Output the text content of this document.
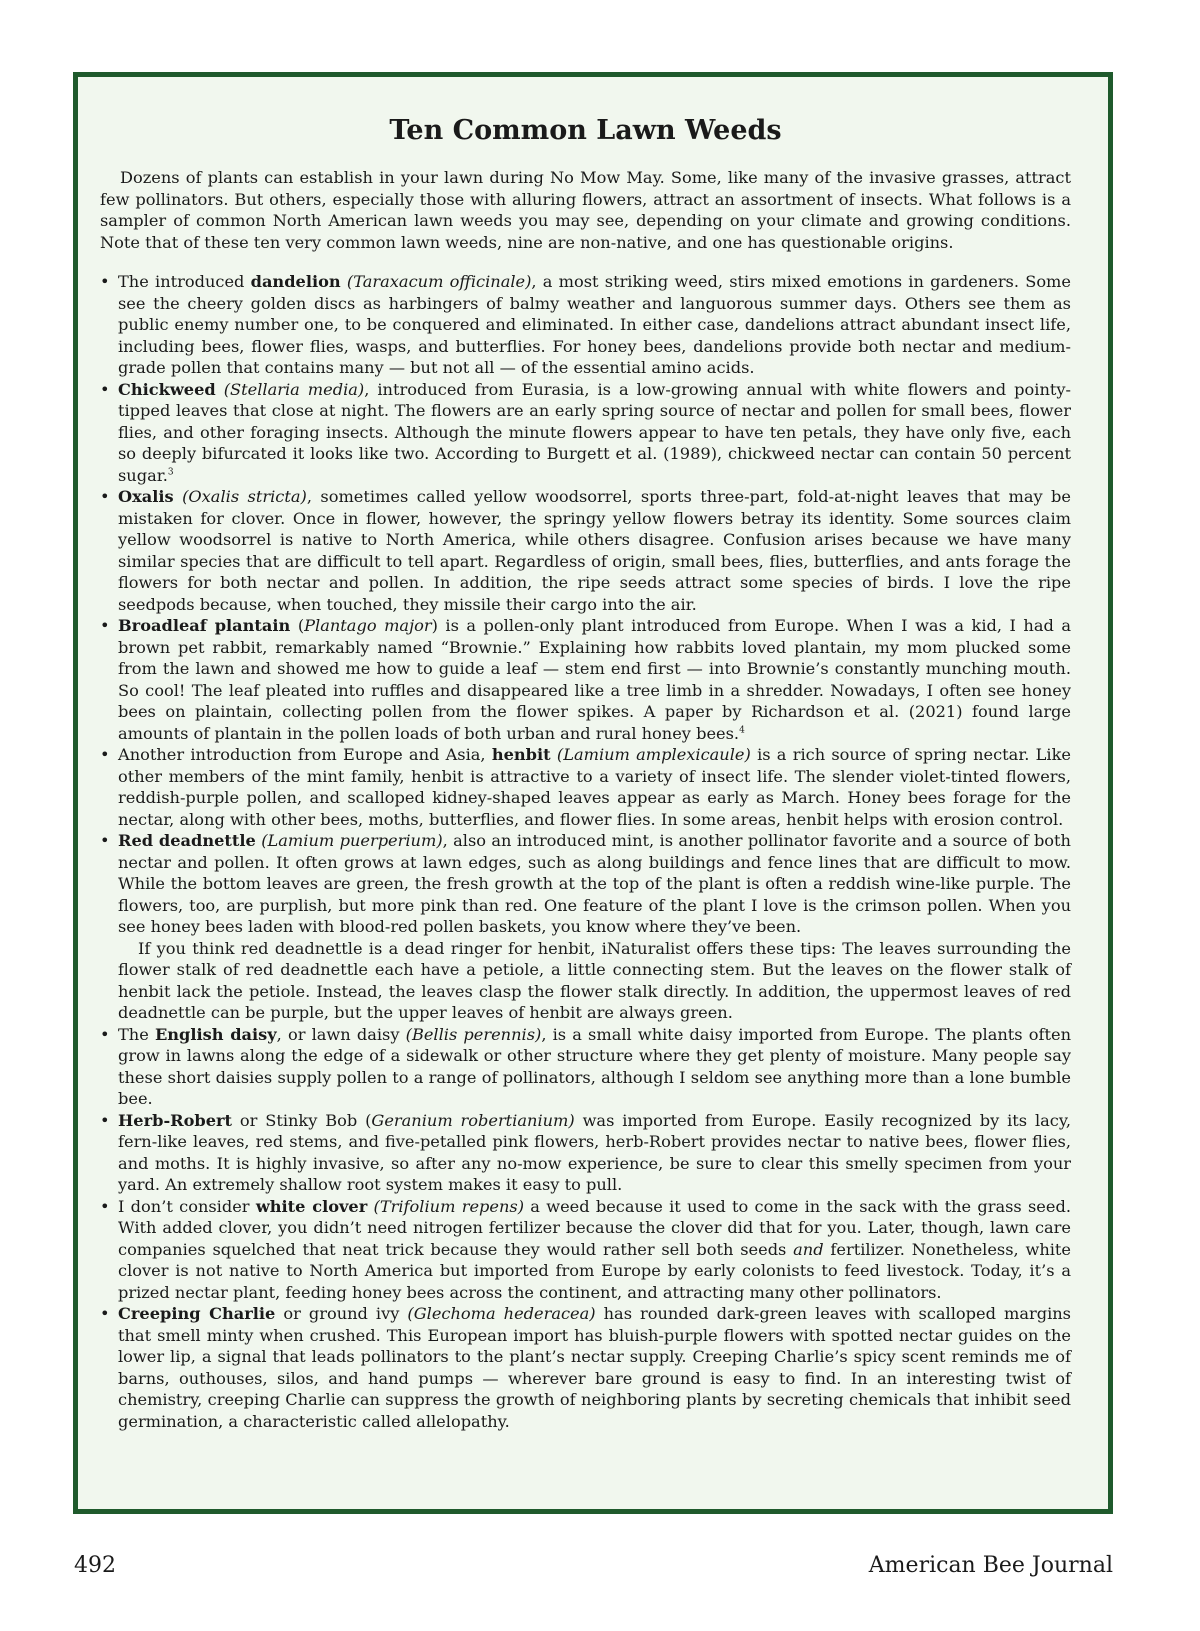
Ten Common Lawn Weeds

Dozens of plants can establish in your lawn during No Mow May. Some, like many of the invasive grasses, attract few pollinators. But others, especially those with alluring flowers, attract an assortment of insects. What follows is a sampler of common North American lawn weeds you may see, depending on your climate and growing conditions. Note that of these ten very common lawn weeds, nine are non-native, and one has questionable origins.

• The introduced dandelion (Taraxacum officinale), a most striking weed, stirs mixed emotions in gardeners. Some see the cheery golden discs as harbingers of balmy weather and languorous summer days. Others see them as public enemy number one, to be conquered and eliminated. In either case, dandelions attract abundant insect life, including bees, flower flies, wasps, and butterflies. For honey bees, dandelions provide both nectar and medium-grade pollen that contains many — but not all — of the essential amino acids.
• Chickweed (Stellaria media), introduced from Eurasia, is a low-growing annual with white flowers and pointy-tipped leaves that close at night. The flowers are an early spring source of nectar and pollen for small bees, flower flies, and other foraging insects. Although the minute flowers appear to have ten petals, they have only five, each so deeply bifurcated it looks like two. According to Burgett et al. (1989), chickweed nectar can contain 50 percent sugar.$^3$
• Oxalis (Oxalis stricta), sometimes called yellow woodsorrel, sports three-part, fold-at-night leaves that may be mistaken for clover. Once in flower, however, the springy yellow flowers betray its identity. Some sources claim yellow woodsorrel is native to North America, while others disagree. Confusion arises because we have many similar species that are difficult to tell apart. Regardless of origin, small bees, flies, butterflies, and ants forage the flowers for both nectar and pollen. In addition, the ripe seeds attract some species of birds. I love the ripe seedpods because, when touched, they missile their cargo into the air.
• Broadleaf plantain (Plantago major) is a pollen-only plant introduced from Europe. When I was a kid, I had a brown pet rabbit, remarkably named “Brownie.” Explaining how rabbits loved plantain, my mom plucked some from the lawn and showed me how to guide a leaf — stem end first — into Brownie’s constantly munching mouth. So cool! The leaf pleated into ruffles and disappeared like a tree limb in a shredder. Nowadays, I often see honey bees on plaintain, collecting pollen from the flower spikes. A paper by Richardson et al. (2021) found large amounts of plantain in the pollen loads of both urban and rural honey bees.$^4$
• Another introduction from Europe and Asia, henbit (Lamium amplexicaule) is a rich source of spring nectar. Like other members of the mint family, henbit is attractive to a variety of insect life. The slender violet-tinted flowers, reddish-purple pollen, and scalloped kidney-shaped leaves appear as early as March. Honey bees forage for the nectar, along with other bees, moths, butterflies, and flower flies. In some areas, henbit helps with erosion control.
• Red deadnettle (Lamium puerperium), also an introduced mint, is another pollinator favorite and a source of both nectar and pollen. It often grows at lawn edges, such as along buildings and fence lines that are difficult to mow. While the bottom leaves are green, the fresh growth at the top of the plant is often a reddish wine-like purple. The flowers, too, are purplish, but more pink than red. One feature of the plant I love is the crimson pollen. When you see honey bees laden with blood-red pollen baskets, you know where they’ve been.
If you think red deadnettle is a dead ringer for henbit, iNaturalist offers these tips: The leaves surrounding the flower stalk of red deadnettle each have a petiole, a little connecting stem. But the leaves on the flower stalk of henbit lack the petiole. Instead, the leaves clasp the flower stalk directly. In addition, the uppermost leaves of red deadnettle can be purple, but the upper leaves of henbit are always green.
• The English daisy, or lawn daisy (Bellis perennis), is a small white daisy imported from Europe. The plants often grow in lawns along the edge of a sidewalk or other structure where they get plenty of moisture. Many people say these short daisies supply pollen to a range of pollinators, although I seldom see anything more than a lone bumble bee.
• Herb-Robert or Stinky Bob (Geranium robertianium) was imported from Europe. Easily recognized by its lacy, fern-like leaves, red stems, and five-petalled pink flowers, herb-Robert provides nectar to native bees, flower flies, and moths. It is highly invasive, so after any no-mow experience, be sure to clear this smelly specimen from your yard. An extremely shallow root system makes it easy to pull.
• I don’t consider white clover (Trifolium repens) a weed because it used to come in the sack with the grass seed. With added clover, you didn’t need nitrogen fertilizer because the clover did that for you. Later, though, lawn care companies squelched that neat trick because they would rather sell both seeds and fertilizer. Nonetheless, white clover is not native to North America but imported from Europe by early colonists to feed livestock. Today, it’s a prized nectar plant, feeding honey bees across the continent, and attracting many other pollinators.
• Creeping Charlie or ground ivy (Glechoma hederacea) has rounded dark-green leaves with scalloped margins that smell minty when crushed. This European import has bluish-purple flowers with spotted nectar guides on the lower lip, a signal that leads pollinators to the plant’s nectar supply. Creeping Charlie’s spicy scent reminds me of barns, outhouses, silos, and hand pumps — wherever bare ground is easy to find. In an interesting twist of chemistry, creeping Charlie can suppress the growth of neighboring plants by secreting chemicals that inhibit seed germination, a characteristic called allelopathy.
492	American Bee Journal
